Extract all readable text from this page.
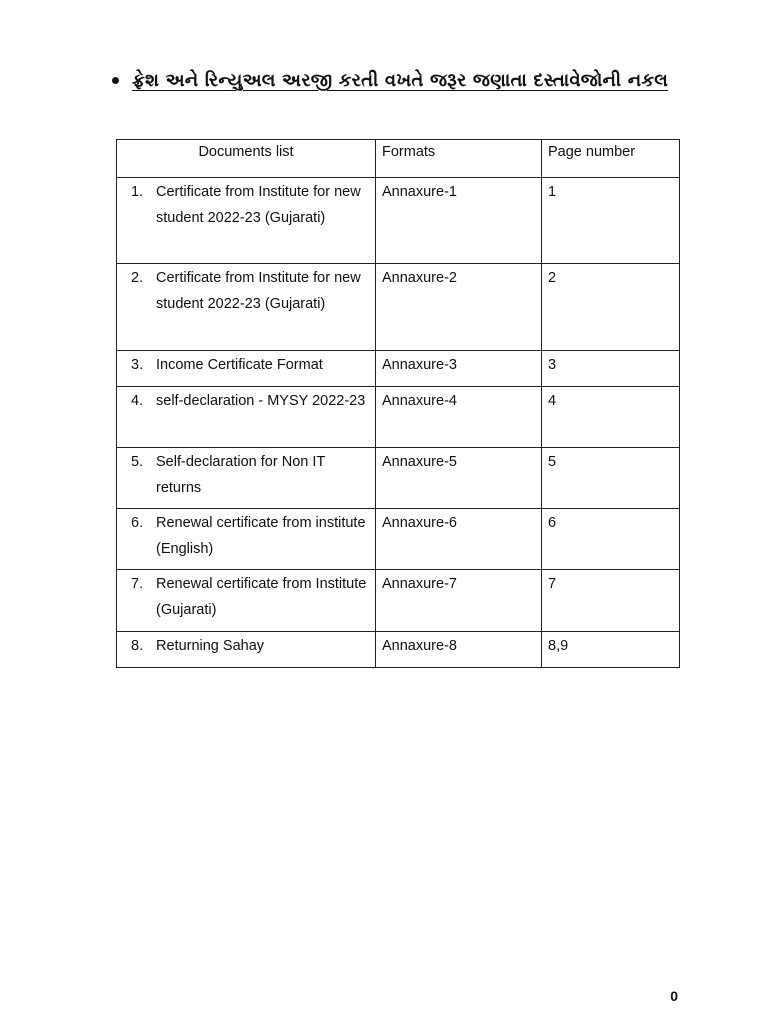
ફ્રેશ અને રિન્યુઅલ અરજી કરતી વખતે જરૂર જણાતા દસ્તાવેજોની નકલ
Documents list	Formats	Page number

1. Certificate from Institute for new student 2022-23 (Gujarati)	Annaxure-1	1

2. Certificate from Institute for new student 2022-23 (Gujarati)	Annaxure-2	2

3. Income Certificate Format	Annaxure-3	3

4. self-declaration - MYSY 2022-23	Annaxure-4	4

5. Self-declaration for Non IT returns	Annaxure-5	5

6. Renewal certificate from institute (English)	Annaxure-6	6

7. Renewal certificate from Institute (Gujarati)	Annaxure-7	7

8. Returning Sahay	Annaxure-8	8,9
0
